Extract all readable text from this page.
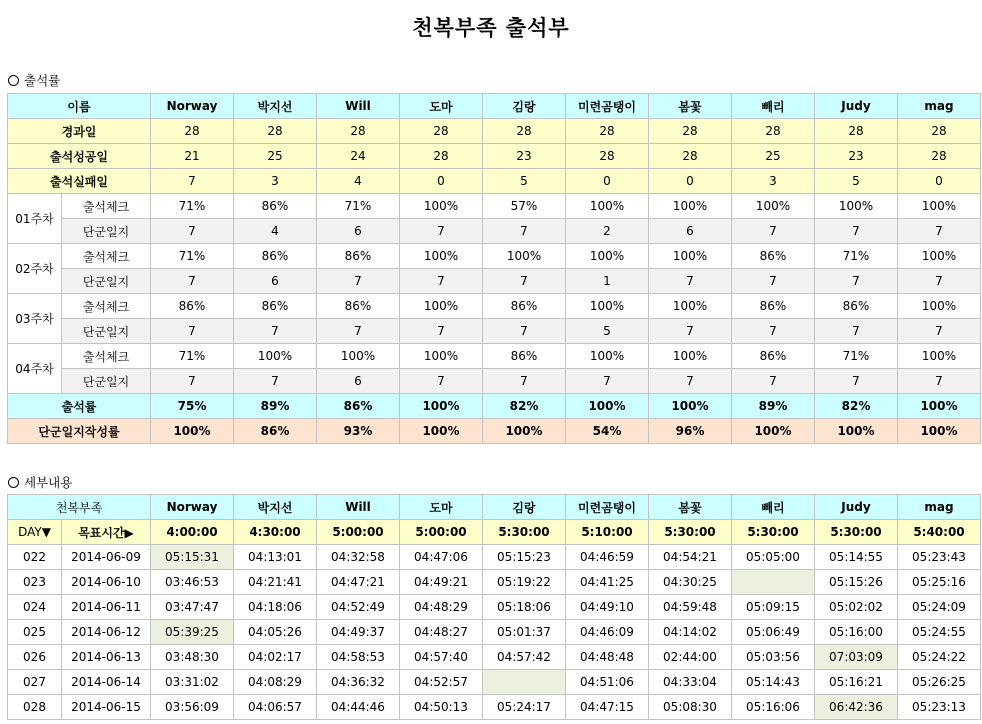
천복부족 출석부
출석률
이름		Norway	박지선	Will	도마	김랑	미련곰탱이	봄꽃	빼리	Judy	mag
경과일		28	28	28	28	28	28	28	28	28	28
출석성공일		21	25	24	28	23	28	28	25	23	28
출석실패일		7	3	4	0	5	0	0	3	5	0
01주차	출석체크	71%	86%	71%	100%	57%	100%	100%	100%	100%	100%
	단군일지	7	4	6	7	7	2	6	7	7	7
02주차	출석체크	71%	86%	86%	100%	100%	100%	100%	86%	71%	100%
	단군일지	7	6	7	7	7	1	7	7	7	7
03주차	출석체크	86%	86%	86%	100%	86%	100%	100%	86%	86%	100%
	단군일지	7	7	7	7	7	5	7	7	7	7
04주차	출석체크	71%	100%	100%	100%	86%	100%	100%	86%	71%	100%
	단군일지	7	7	6	7	7	7	7	7	7	7
출석률		75%	89%	86%	100%	82%	100%	100%	89%	82%	100%
단군일지작성률		100%	86%	93%	100%	100%	54%	96%	100%	100%	100%
세부내용
천복부족		Norway	박지선	Will	도마	김랑	미련곰탱이	봄꽃	빼리	Judy	mag
DAY▼	목표시간▶	4:00:00	4:30:00	5:00:00	5:00:00	5:30:00	5:10:00	5:30:00	5:30:00	5:30:00	5:40:00
022	2014-06-09	05:15:31	04:13:01	04:32:58	04:47:06	05:15:23	04:46:59	04:54:21	05:05:00	05:14:55	05:23:43
023	2014-06-10	03:46:53	04:21:41	04:47:21	04:49:21	05:19:22	04:41:25	04:30:25		05:15:26	05:25:16
024	2014-06-11	03:47:47	04:18:06	04:52:49	04:48:29	05:18:06	04:49:10	04:59:48	05:09:15	05:02:02	05:24:09
025	2014-06-12	05:39:25	04:05:26	04:49:37	04:48:27	05:01:37	04:46:09	04:14:02	05:06:49	05:16:00	05:24:55
026	2014-06-13	03:48:30	04:02:17	04:58:53	04:57:40	04:57:42	04:48:48	02:44:00	05:03:56	07:03:09	05:24:22
027	2014-06-14	03:31:02	04:08:29	04:36:32	04:52:57		04:51:06	04:33:04	05:14:43	05:16:21	05:26:25
028	2014-06-15	03:56:09	04:06:57	04:44:46	04:50:13	05:24:17	04:47:15	05:08:30	05:16:06	06:42:36	05:23:13
